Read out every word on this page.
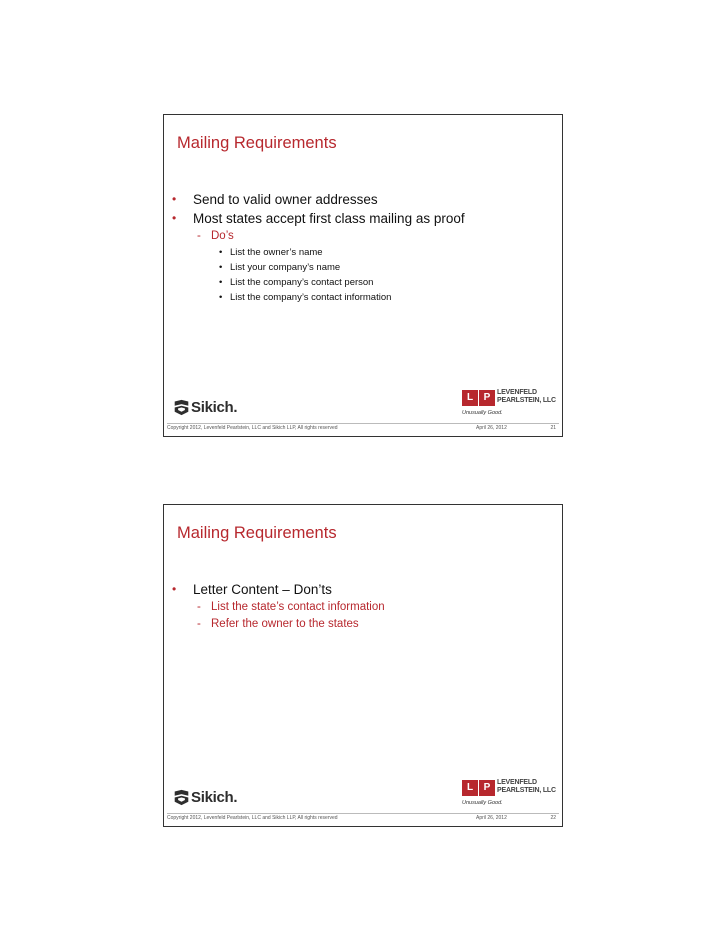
Mailing Requirements
• Send to valid owner addresses
• Most states accept first class mailing as proof
- Do’s
• List the owner’s name
• List your company’s name
• List the company’s contact person
• List the company’s contact information
Sikich.
L	P LEVENFELD
PEARLSTEIN, LLC
Unusually Good.
Copyright 2012, Levenfeld Pearlstein, LLC and Sikich LLP, All rights reserved	April 26, 2012	21
Mailing Requirements
• Letter Content – Don’ts
- List the state’s contact information
- Refer the owner to the states
Sikich.
L	P LEVENFELD
PEARLSTEIN, LLC
Unusually Good.
Copyright 2012, Levenfeld Pearlstein, LLC and Sikich LLP, All rights reserved	April 26, 2012	22
